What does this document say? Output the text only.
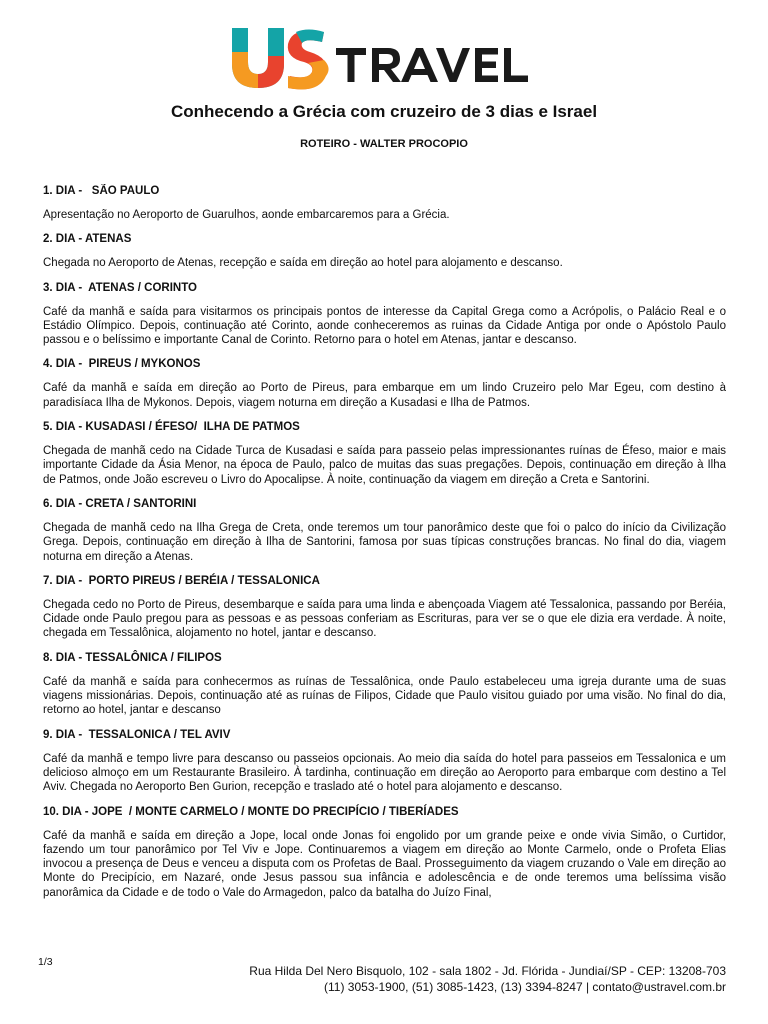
Conhecendo a Grécia com cruzeiro de 3 dias e Israel
ROTEIRO - WALTER PROCOPIO
1. DIA -   SÃO PAULO

Apresentação no Aeroporto de Guarulhos, aonde embarcaremos para a Grécia.

2. DIA - ATENAS

Chegada no Aeroporto de Atenas, recepção e saída em direção ao hotel para alojamento e descanso.

3. DIA -  ATENAS / CORINTO

Café da manhã e saída para visitarmos os principais pontos de interesse da Capital Grega como a Acrópolis, o Palácio Real e o Estádio Olímpico. Depois, continuação até Corinto, aonde conheceremos as ruinas da Cidade Antiga por onde o Apóstolo Paulo passou e o belíssimo e importante Canal de Corinto. Retorno para o hotel em Atenas, jantar e descanso.

4. DIA -  PIREUS / MYKONOS

Café da manhã e saída em direção ao Porto de Pireus, para embarque em um lindo Cruzeiro pelo Mar Egeu, com destino à paradisíaca Ilha de Mykonos. Depois, viagem noturna em direção a Kusadasi e Ilha de Patmos.

5. DIA - KUSADASI / ÉFESO/  ILHA DE PATMOS

Chegada de manhã cedo na Cidade Turca de Kusadasi e saída para passeio pelas impressionantes ruínas de Éfeso, maior e mais importante Cidade da Ásia Menor, na época de Paulo, palco de muitas das suas pregações. Depois, continuação em direção à Ilha de Patmos, onde João escreveu o Livro do Apocalipse. À noite, continuação da viagem em direção a Creta e Santorini.

6. DIA - CRETA / SANTORINI

Chegada de manhã cedo na Ilha Grega de Creta, onde teremos um tour panorâmico deste que foi o palco do início da Civilização Grega. Depois, continuação em direção à Ilha de Santorini, famosa por suas típicas construções brancas. No final do dia, viagem noturna em direção a Atenas.

7. DIA -  PORTO PIREUS / BERÉIA / TESSALONICA

Chegada cedo no Porto de Pireus, desembarque e saída para uma linda e abençoada Viagem até Tessalonica, passando por Beréia, Cidade onde Paulo pregou para as pessoas e as pessoas conferiam as Escrituras, para ver se o que ele dizia era verdade. À noite, chegada em Tessalônica, alojamento no hotel, jantar e descanso.

8. DIA - TESSALÔNICA / FILIPOS

Café da manhã e saída para conhecermos as ruínas de Tessalônica, onde Paulo estabeleceu uma igreja durante uma de suas viagens missionárias. Depois, continuação até as ruínas de Filipos, Cidade que Paulo visitou guiado por uma visão. No final do dia, retorno ao hotel, jantar e descanso

9. DIA -  TESSALONICA / TEL AVIV

Café da manhã e tempo livre para descanso ou passeios opcionais. Ao meio dia saída do hotel para passeios em Tessalonica e um delicioso almoço em um Restaurante Brasileiro. À tardinha, continuação em direção ao Aeroporto para embarque com destino a Tel Aviv. Chegada no Aeroporto Ben Gurion, recepção e traslado até o hotel para alojamento e descanso.

10. DIA - JOPE  / MONTE CARMELO / MONTE DO PRECIPÍCIO / TIBERÍADES

Café da manhã e saída em direção a Jope, local onde Jonas foi engolido por um grande peixe e onde vivia Simão, o Curtidor, fazendo um tour panorâmico por Tel Viv e Jope. Continuaremos a viagem em direção ao Monte Carmelo, onde o Profeta Elias invocou a presença de Deus e venceu a disputa com os Profetas de Baal. Prosseguimento da viagem cruzando o Vale em direção ao Monte do Precipício, em Nazaré, onde Jesus passou sua infância e adolescência e de onde teremos uma belíssima visão panorâmica da Cidade e de todo o Vale do Armagedon, palco da batalha do Juízo Final,

1/3
Rua Hilda Del Nero Bisquolo, 102 - sala 1802 - Jd. Flórida - Jundiaí/SP - CEP: 13208-703
(11) 3053-1900, (51) 3085-1423, (13) 3394-8247 | contato@ustravel.com.br
